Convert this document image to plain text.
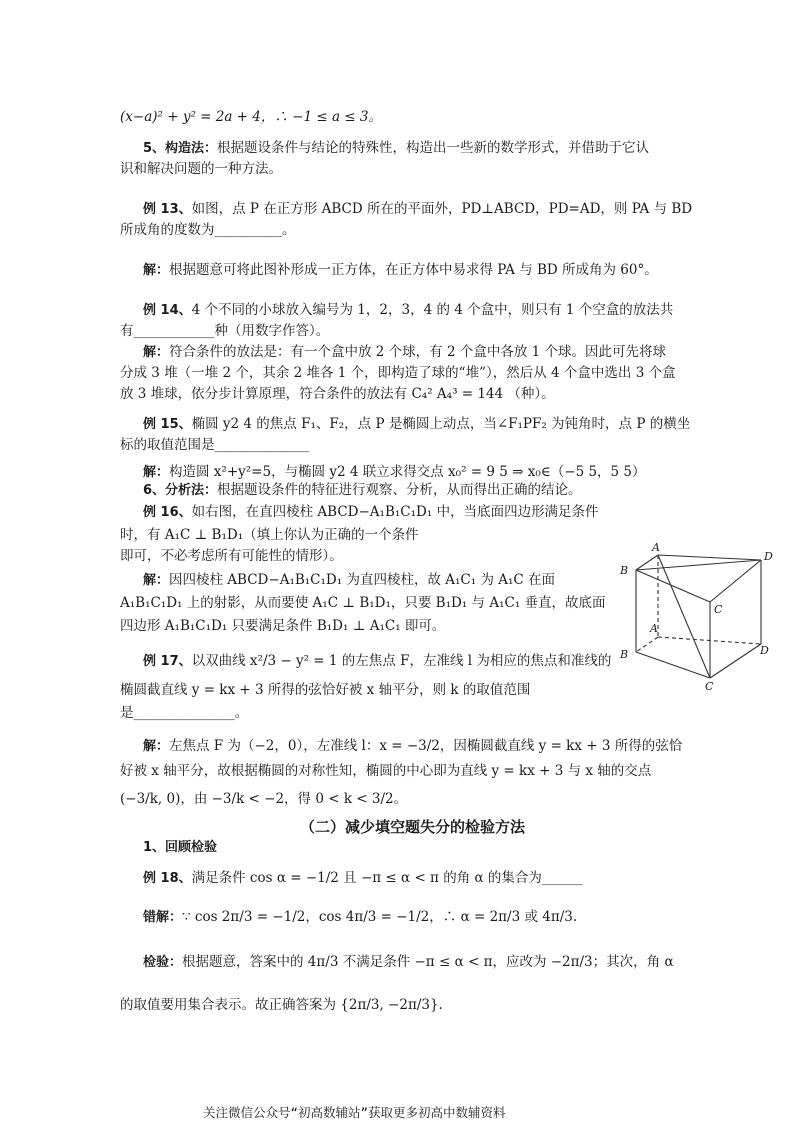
(x−a)² + y² = 2a + 4，∴ −1 ≤ a ≤ 3。
5、构造法：根据题设条件与结论的特殊性，构造出一些新的数学形式，并借助于它认
识和解决问题的一种方法。
例 13、如图，点 P 在正方形 ABCD 所在的平面外，PD⊥ABCD，PD=AD，则 PA 与 BD
所成角的度数为__________。
解：根据题意可将此图补形成一正方体，在正方体中易求得 PA 与 BD 所成角为 60°。
例 14、4 个不同的小球放入编号为 1，2，3，4 的 4 个盒中，则只有 1 个空盒的放法共
有____________种（用数字作答）。
解：符合条件的放法是：有一个盒中放 2 个球，有 2 个盒中各放 1 个球。因此可先将球
分成 3 堆（一堆 2 个，其余 2 堆各 1 个，即构造了球的“堆”），然后从 4 个盒中选出 3 个盒
放 3 堆球，依分步计算原理，符合条件的放法有 C₄² A₄³ = 144 （种）。
例 15、椭圆 y2 4 的焦点 F₁、F₂，点 P 是椭圆上动点，当∠F₁PF₂ 为钝角时，点 P 的横坐
标的取值范围是______________
解：构造圆 x²+y²=5，与椭圆 y2 4 联立求得交点 x₀² = 9 5 ⇒ x₀∈（−5 5，5 5）
6、分析法：根据题设条件的特征进行观察、分析，从而得出正确的结论。
例 16、如右图，在直四棱柱 ABCD−A₁B₁C₁D₁ 中，当底面四边形满足条件
时，有 A₁C ⊥ B₁D₁（填上你认为正确的一个条件
即可，不必考虑所有可能性的情形）。
解：因四棱柱 ABCD−A₁B₁C₁D₁ 为直四棱柱，故 A₁C₁ 为 A₁C 在面
A₁B₁C₁D₁ 上的射影，从而要使 A₁C ⊥ B₁D₁，只要 B₁D₁ 与 A₁C₁ 垂直，故底面
四边形 A₁B₁C₁D₁ 只要满足条件 B₁D₁ ⊥ A₁C₁ 即可。
例 17、以双曲线 x²/3 − y² = 1 的左焦点 F，左准线 l 为相应的焦点和准线的
椭圆截直线 y = kx + 3 所得的弦恰好被 x 轴平分，则 k 的取值范围
是_______________。
解：左焦点 F 为（−2，0），左准线 l：x = −3/2，因椭圆截直线 y = kx + 3 所得的弦恰
好被 x 轴平分，故根据椭圆的对称性知，椭圆的中心即为直线 y = kx + 3 与 x 轴的交点
(−3/k, 0)，由 −3/k < −2，得 0 < k < 3/2。
（二）减少填空题失分的检验方法
1、回顾检验
例 18、满足条件 cos α = −1/2 且 −π ≤ α < π 的角 α 的集合为______
错解：∵ cos 2π/3 = −1/2，cos 4π/3 = −1/2，∴ α = 2π/3 或 4π/3.
检验：根据题意，答案中的 4π/3 不满足条件 −π ≤ α < π，应改为 −2π/3；其次，角 α
的取值要用集合表示。故正确答案为 {2π/3, −2π/3}.
A
B
C
D
A
B
C
D
关注微信公众号“初高数辅站”获取更多初高中数辅资料
